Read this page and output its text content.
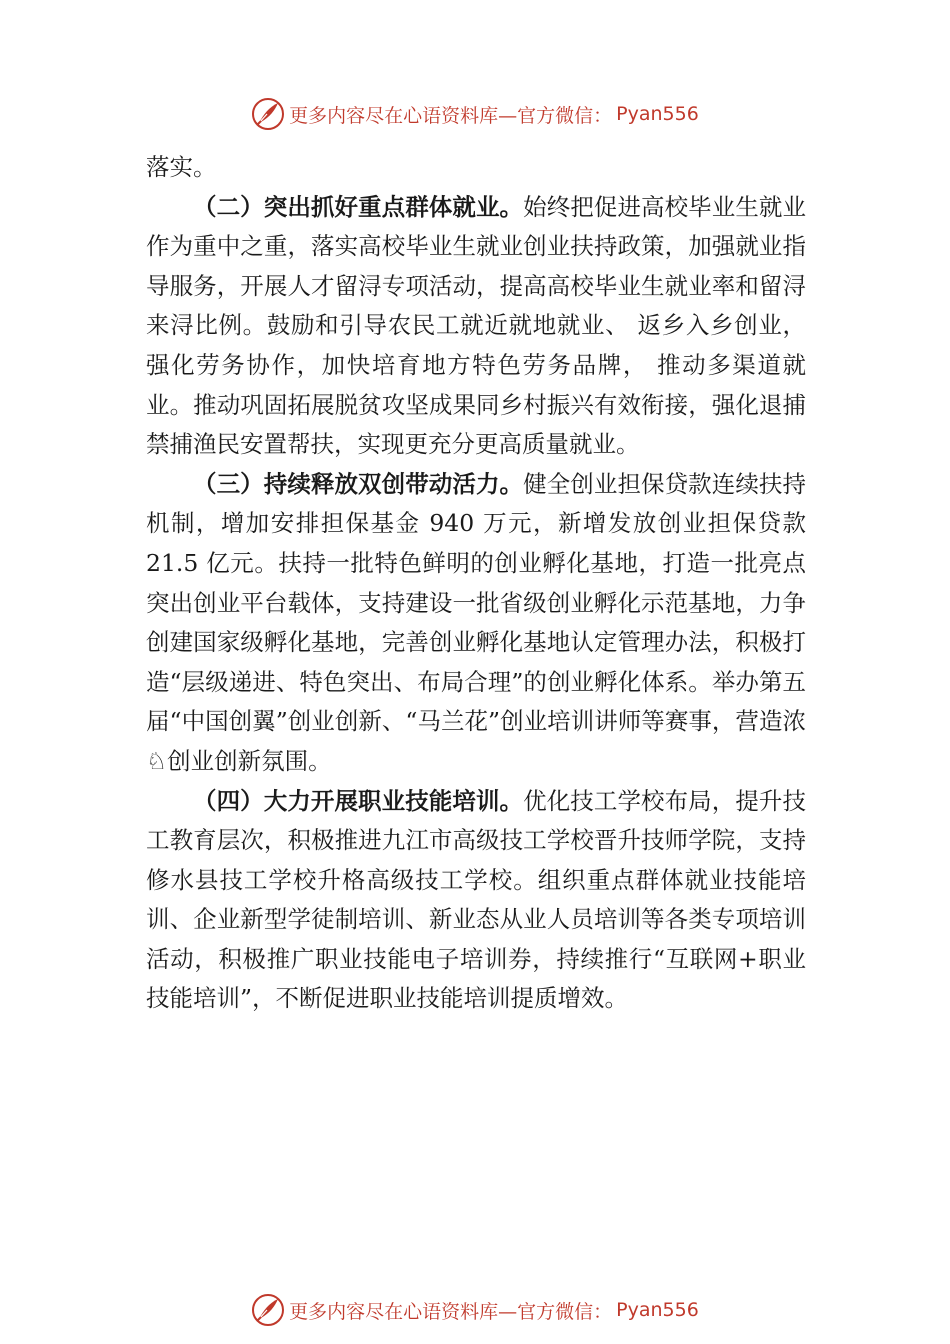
更多内容尽在心语资料库—官方微信： Pyan556

落实。

（二）突出抓好重点群体就业。始终把促进高校毕业生就业作为重中之重，落实高校毕业生就业创业扶持政策，加强就业指导服务，开展人才留浔专项活动，提高高校毕业生就业率和留浔来浔比例。鼓励和引导农民工就近就地就业、 返乡入乡创业，强化劳务协作，加快培育地方特色劳务品牌， 推动多渠道就业。推动巩固拓展脱贫攻坚成果同乡村振兴有效衔接，强化退捕禁捕渔民安置帮扶，实现更充分更高质量就业。

（三）持续释放双创带动活力。健全创业担保贷款连续扶持机制，增加安排担保基金 940 万元，新增发放创业担保贷款 21.5 亿元。扶持一批特色鲜明的创业孵化基地，打造一批亮点突出创业平台载体，支持建设一批省级创业孵化示范基地，力争创建国家级孵化基地，完善创业孵化基地认定管理办法，积极打造“层级递进、特色突出、布局合理”的创业孵化体系。举办第五届“中国创翼”创业创新、“马兰花”创业培训讲师等赛事，营造浓♘创业创新氛围。

（四）大力开展职业技能培训。优化技工学校布局，提升技工教育层次，积极推进九江市高级技工学校晋升技师学院，支持修水县技工学校升格高级技工学校。组织重点群体就业技能培训、企业新型学徒制培训、新业态从业人员培训等各类专项培训活动，积极推广职业技能电子培训券，持续推行“互联网+职业技能培训”，不断促进职业技能培训提质增效。

更多内容尽在心语资料库—官方微信： Pyan556
